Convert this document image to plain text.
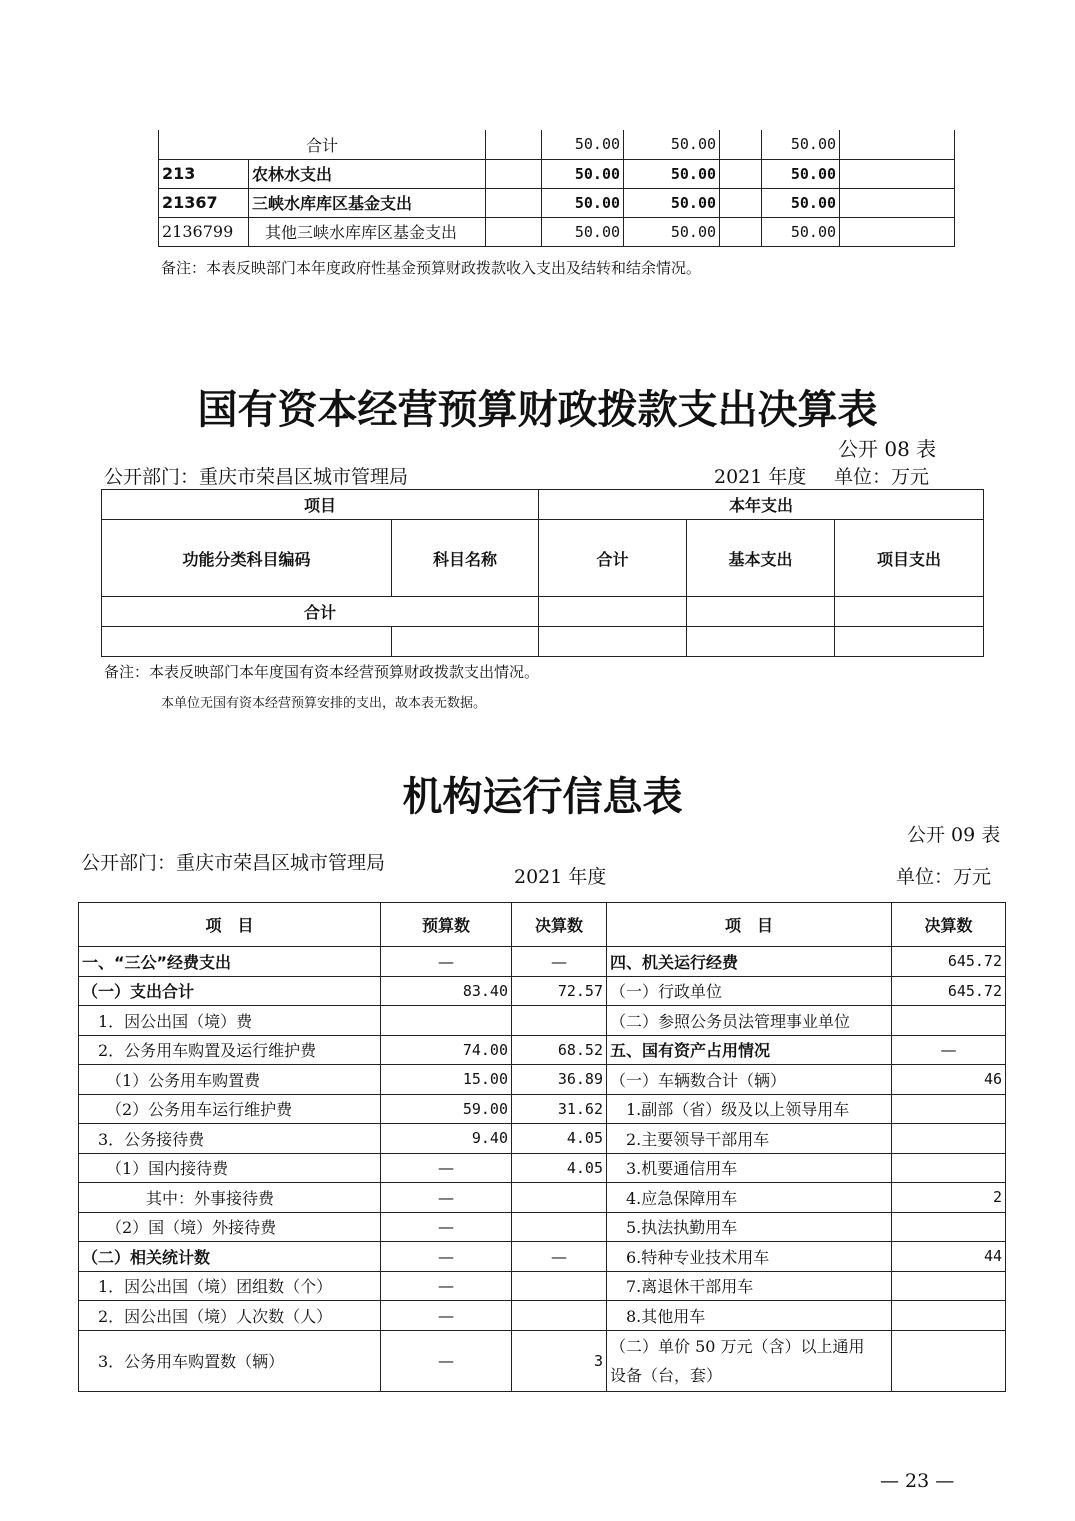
合计			50.00	50.00		50.00	
213	农林水支出		50.00	50.00		50.00	
21367	三峡水库库区基金支出		50.00	50.00		50.00	
2136799	其他三峡水库库区基金支出		50.00	50.00		50.00	
备注：本表反映部门本年度政府性基金预算财政拨款收入支出及结转和结余情况。
国有资本经营预算财政拨款支出决算表
公开 08 表
公开部门：重庆市荣昌区城市管理局	2021 年度 单位：万元
项目		本年支出		
功能分类科目编码	科目名称	合计	基本支出	项目支出
合计				

备注：本表反映部门本年度国有资本经营预算财政拨款支出情况。
本单位无国有资本经营预算安排的支出，故本表无数据。
机构运行信息表
公开 09 表
公开部门：重庆市荣昌区城市管理局
2021 年度	单位：万元
项　目	预算数	决算数	项　目	决算数
一、“三公”经费支出	—	—	四、机关运行经费	645.72
（一）支出合计	83.40	72.57	（一）行政单位	645.72
　1．因公出国（境）费			（二）参照公务员法管理事业单位	
　2．公务用车购置及运行维护费	74.00	68.52	五、国有资产占用情况	—
　　（1）公务用车购置费	15.00	36.89	（一）车辆数合计（辆）	46
　　（2）公务用车运行维护费	59.00	31.62	　1.副部（省）级及以上领导用车	
　3．公务接待费	9.40	4.05	　2.主要领导干部用车	
　　（1）国内接待费	—	4.05	　3.机要通信用车	
　　　　其中：外事接待费	—		　4.应急保障用车	2
　　（2）国（境）外接待费	—		　5.执法执勤用车	
（二）相关统计数	—	—	　6.特种专业技术用车	44
　1．因公出国（境）团组数（个）	—		　7.离退休干部用车	
　2．因公出国（境）人次数（人）	—		　8.其他用车	
　3．公务用车购置数（辆）	—	3	（二）单价 50 万元（含）以上通用
设备（台，套）	
— 23 —
